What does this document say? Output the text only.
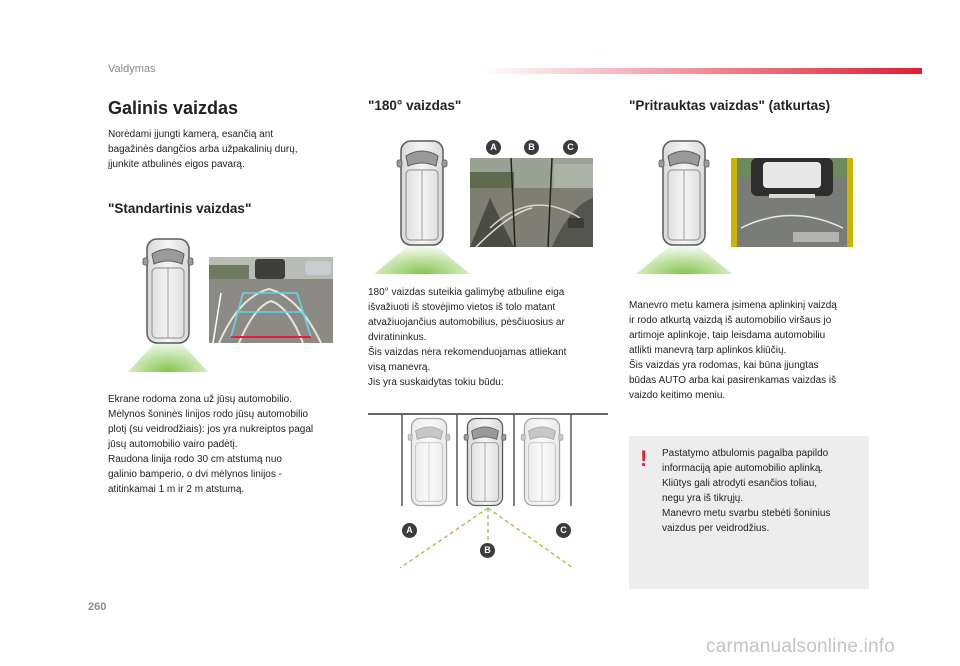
Valdymas
Galinis vaizdas
Norėdami įjungti kamerą, esančią ant
bagažinės dangčios arba užpakalinių durų,
įjunkite atbulinės eigos pavarą.
"Standartinis vaizdas"
Ekrane rodoma zona už jūsų automobilio.
Mėlynos šoninės linijos rodo jūsų automobilio
plotį (su veidrodžiais): jos yra nukreiptos pagal
jūsų automobilio vairo padėtį.
Raudona linija rodo 30 cm atstumą nuo
galinio bamperio, o dvi mėlynos linijos -
atitinkamai 1 m ir 2 m atstumą.
"180° vaizdas"
A	B	C
180° vaizdas suteikia galimybę atbuline eiga
išvažiuoti iš stovėjimo vietos iš tolo matant
atvažiuojančius automobilius, pėsčiuosius ar
dviratininkus.
Šis vaizdas nėra rekomenduojamas atliekant
visą manevrą.
Jis yra suskaidytas tokiu būdu:
A
B
C
"Pritrauktas vaizdas" (atkurtas)
Manevro metu kamera įsimena aplinkinį vaizdą
ir rodo atkurtą vaizdą iš automobilio viršaus jo
artimoje aplinkoje, taip leisdama automobiliu
atlikti manevrą tarp aplinkos kliūčių.
Šis vaizdas yra rodomas, kai būna įjungtas
būdas AUTO arba kai pasirenkamas vaizdas iš
vaizdo keitimo meniu.
! Pastatymo atbulomis pagalba papildo
informaciją apie automobilio aplinką.
Kliūtys gali atrodyti esančios toliau,
negu yra iš tikrųjų.
Manevro metu svarbu stebėti šoninius
vaizdus per veidrodžius.
260
carmanualsonline.info
